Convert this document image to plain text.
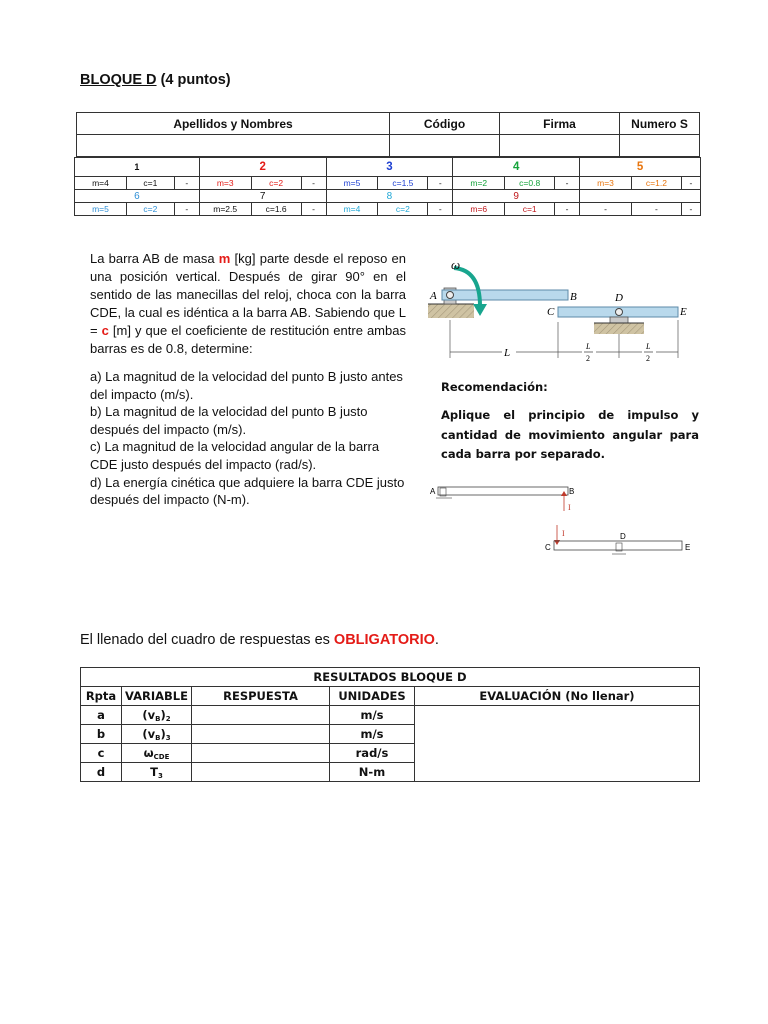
BLOQUE D (4 puntos)
Apellidos y Nombres	Código	Firma	Numero S

1			2			3			4			5		
m=4	c=1	-	m=3	c=2	-	m=5	c=1.5	-	m=2	c=0.8	-	m=3	c=1.2	-
6			7			8			9					
m=5	c=2	-	m=2.5	c=1.6	-	m=4	c=2	-	m=6	c=1	-	-	-	-
La barra AB de masa m [kg] parte desde el reposo en una posición vertical. Después de girar 90° en el sentido de las manecillas del reloj, choca con la barra CDE, la cual es idéntica a la barra AB. Sabiendo que L = c [m] y que el coeficiente de restitución entre ambas barras es de 0.8, determine:
a) La magnitud de la velocidad del punto B justo antes del impacto (m/s).
b) La magnitud de la velocidad del punto B justo después del impacto (m/s).
c) La magnitud de la velocidad angular de la barra CDE justo después del impacto (rad/s).
d) La energía cinética que adquiere la barra CDE justo después del impacto (N-m).
ω
A	B
C
D
E
L
L
2
L
2
Recomendación:
Aplique el principio de impulso y cantidad de movimiento angular para cada barra por separado.
A	B
I
I
C
D
E
El llenado del cuadro de respuestas es OBLIGATORIO.
RESULTADOS BLOQUE D				
Rpta	VARIABLE	RESPUESTA	UNIDADES	EVALUACIÓN (No llenar)
a	$(v_B)_2$		m/s	
b	$(v_B)_3$		m/s	
c	$\omega_{CDE}$		rad/s	
d	$T_3$		N-m	
